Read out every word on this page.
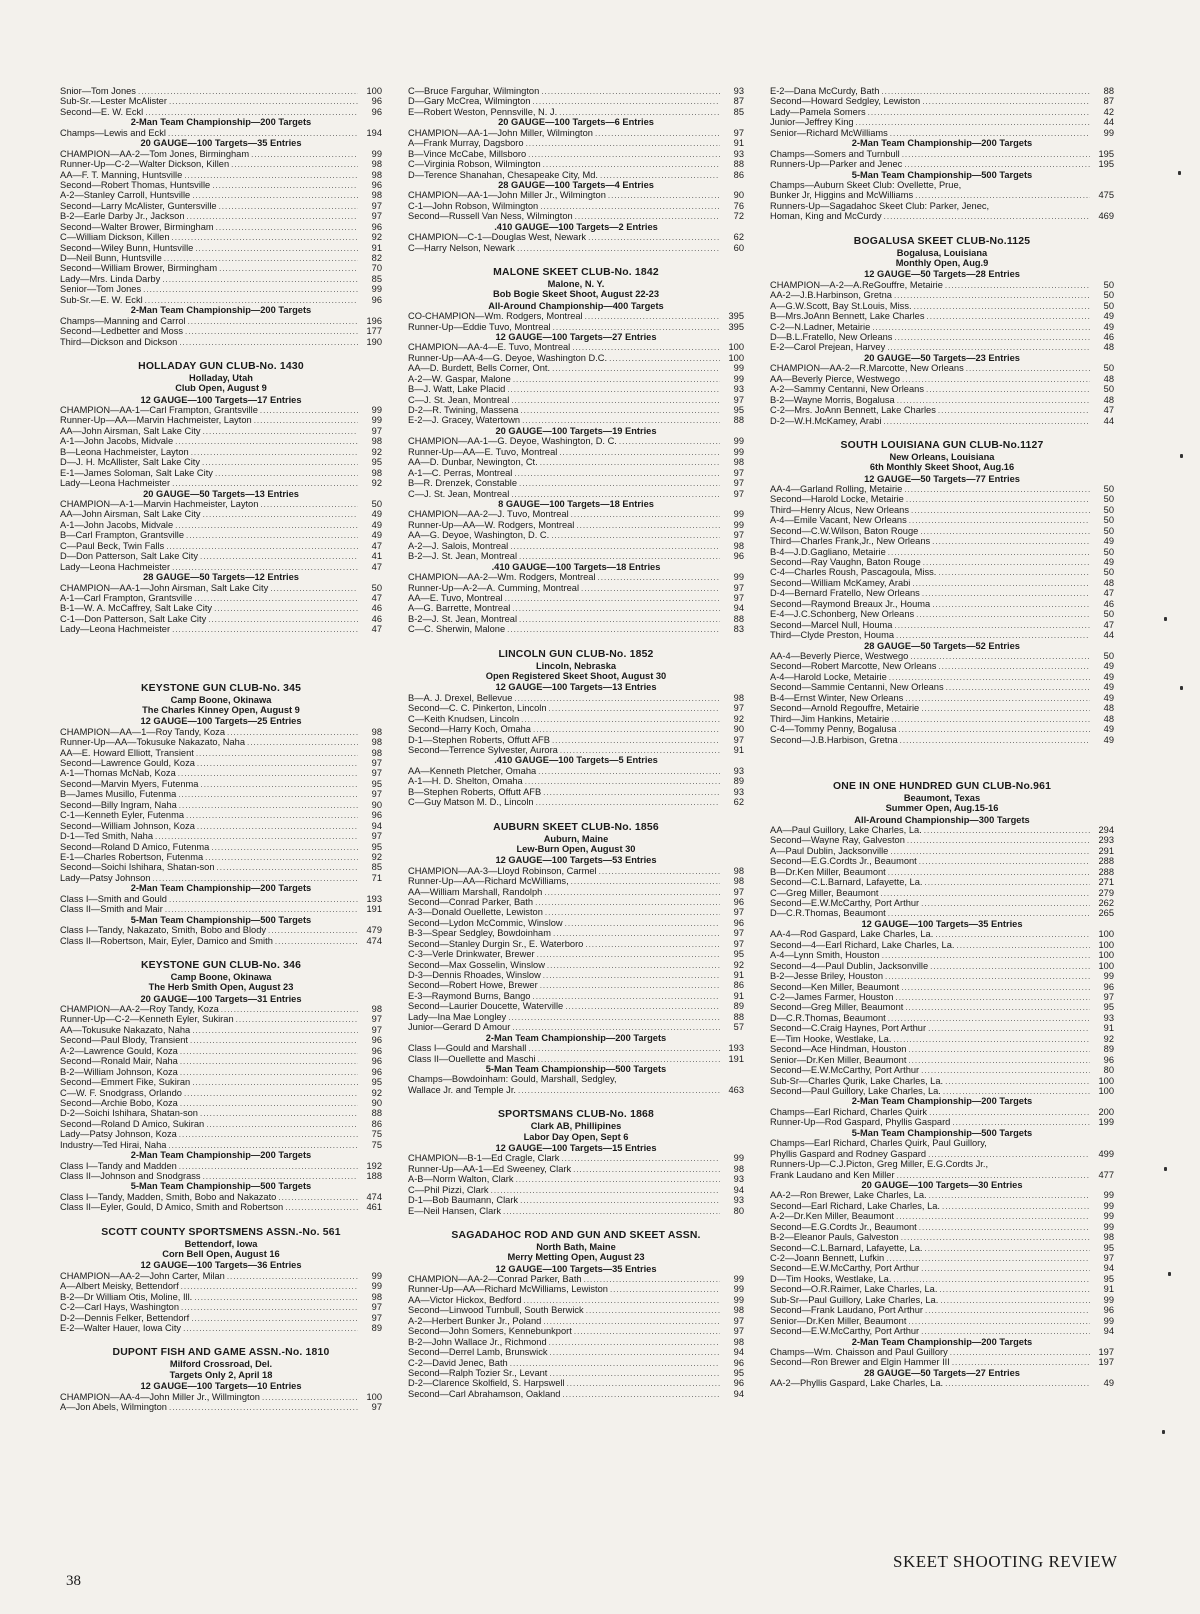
Snior—Tom Jones .....	100
Sub-Sr.—Lester McAlister .....	96
Second—E. W. Eckl .....	96
2-Man Team Championship—200 Targets
Champs—Lewis and Eckl .....	194
20 GAUGE—100 Targets—35 Entries
CHAMPION—AA-2—Tom Jones, Birmingham .....	99
Runner-Up—C-2—Walter Dickson, Killen .....	98
AA—F. T. Manning, Huntsville .....	98
Second—Robert Thomas, Huntsville .....	96
A-2—Stanley Carroll, Huntsville .....	98
Second—Larry McAlister, Guntersville .....	97
B-2—Earle Darby Jr., Jackson .....	97
Second—Walter Brower, Birmingham .....	96
C—William Dickson, Killen .....	92
Second—Wiley Bunn, Huntsville .....	91
D—Neil Bunn, Huntsville .....	82
Second—William Brower, Birmingham .....	70
Lady—Mrs. Linda Darby .....	85
Senior—Tom Jones .....	99
Sub-Sr.—E. W. Eckl .....	96
2-Man Team Championship—200 Targets
Champs—Manning and Carrol .....	196
Second—Ledbetter and Moss .....	177
Third—Dickson and Dickson .....	190
HOLLADAY GUN CLUB-No. 1430
Holladay, Utah
Club Open, August 9
12 GAUGE—100 Targets—17 Entries
CHAMPION—AA-1—Carl Frampton, Grantsville .....	99
Runner-Up—AA—Marvin Hachmeister, Layton .....	99
AA—John Airsman, Salt Lake City .....	97
A-1—John Jacobs, Midvale .....	98
B—Leona Hachmeister, Layton .....	92
D—J. H. McAllister, Salt Lake City .....	95
E-1—James Soloman, Salt Lake City .....	98
Lady—Leona Hachmeister .....	92
20 GAUGE—50 Targets—13 Entries
CHAMPION—A-1—Marvin Hachmeister, Layton .....	50
AA—John Airsman, Salt Lake City .....	49
A-1—John Jacobs, Midvale .....	49
B—Carl Frampton, Grantsville .....	49
C—Paul Beck, Twin Falls .....	47
D—Don Patterson, Salt Lake City .....	41
Lady—Leona Hachmeister .....	47
28 GAUGE—50 Targets—12 Entries
CHAMPION—AA-1—John Airsman, Salt Lake City .....	50
A-1—Carl Frampton, Grantsville .....	47
B-1—W. A. McCaffrey, Salt Lake City .....	46
C-1—Don Patterson, Salt Lake City .....	46
Lady—Leona Hachmeister .....	47
KEYSTONE GUN CLUB-No. 345
Camp Boone, Okinawa
The Charles Kinney Open, August 9
12 GAUGE—100 Targets—25 Entries
CHAMPION—AA—1—Roy Tandy, Koza .....	98
Runner-Up—AA—Tokusuke Nakazato, Naha .....	98
AA—E. Howard Elliott, Transient .....	98
Second—Lawrence Gould, Koza .....	97
A-1—Thomas McNab, Koza .....	97
Second—Marvin Myers, Futenma .....	95
B—James Musillo, Futenma .....	97
Second—Billy Ingram, Naha .....	90
C-1—Kenneth Eyler, Futenma .....	96
Second—William Johnson, Koza .....	94
D-1—Ted Smith, Naha .....	97
Second—Roland D Amico, Futenma .....	95
E-1—Charles Robertson, Futenma .....	92
Second—Soichi Ishihara, Shatan-son .....	85
Lady—Patsy Johnson .....	71
2-Man Team Championship—200 Targets
Class I—Smith and Gould .....	193
Class II—Smith and Mair .....	191
5-Man Team Championship—500 Targets
Class I—Tandy, Nakazato, Smith, Bobo and Blody .....	479
Class II—Robertson, Mair, Eyler, Damico and Smith .....	474
KEYSTONE GUN CLUB-No. 346
Camp Boone, Okinawa
The Herb Smith Open, August 23
20 GAUGE—100 Targets—31 Entries
CHAMPION—AA-2—Roy Tandy, Koza .....	98
Runner-Up—C-2—Kenneth Eyler, Sukiran .....	97
AA—Tokusuke Nakazato, Naha .....	97
Second—Paul Blody, Transient .....	96
A-2—Lawrence Gould, Koza .....	96
Second—Ronald Mair, Naha .....	96
B-2—William Johnson, Koza .....	96
Second—Emmert Fike, Sukiran .....	95
C—W. F. Snodgrass, Orlando .....	92
Second—Archie Bobo, Koza .....	90
D-2—Soichi Ishihara, Shatan-son .....	88
Second—Roland D Amico, Sukiran .....	86
Lady—Patsy Johnson, Koza .....	75
Industry—Ted Hirai, Naha .....	75
2-Man Team Championship—200 Targets
Class I—Tandy and Madden .....	192
Class II—Johnson and Snodgrass .....	188
5-Man Team Championship—500 Targets
Class I—Tandy, Madden, Smith, Bobo and Nakazato .....	474
Class II—Eyler, Gould, D Amico, Smith and Robertson .....	461
SCOTT COUNTY SPORTSMENS ASSN.-No. 561
Bettendorf, Iowa
Corn Bell Open, August 16
12 GAUGE—100 Targets—36 Entries
CHAMPION—AA-2—John Carter, Milan .....	99
A—Albert Meisky, Bettendorf .....	99
B-2—Dr William Otis, Moline, Ill. .....	98
C-2—Carl Hays, Washington .....	97
D-2—Dennis Felker, Bettendorf .....	97
E-2—Walter Hauer, Iowa City .....	89
DUPONT FISH AND GAME ASSN.-No. 1810
Milford Crossroad, Del.
Targets Only 2, April 18
12 GAUGE—100 Targets—10 Entries
CHAMPION—AA-4—John Miller Jr., Willmington .....	100
A—Jon Abels, Wilmington .....	97
C—Bruce Farguhar, Wilmington .....	93
D—Gary McCrea, Wilmington .....	87
E—Robert Weston, Pennsville, N. J. .....	85
20 GAUGE—100 Targets—6 Entries
CHAMPION—AA-1—John Miller, Wilmington .....	97
A—Frank Murray, Dagsboro .....	91
B—Vince McCabe, Millsboro .....	93
C—Virginia Robson, Wilmington .....	88
D—Terence Shanahan, Chesapeake City, Md. .....	86
28 GAUGE—100 Targets—4 Entries
CHAMPION—AA-1—John Miller Jr., Wilmington .....	90
C-1—John Robson, Wilmington .....	76
Second—Russell Van Ness, Wilmington .....	72
.410 GAUGE—100 Targets—2 Entries
CHAMPION—C-1—Douglas West, Newark .....	62
C—Harry Nelson, Newark .....	60
MALONE SKEET CLUB-No. 1842
Malone, N. Y.
Bob Bogie Skeet Shoot, August 22-23
All-Around Championship—400 Targets
CO-CHAMPION—Wm. Rodgers, Montreal .....	395
Runner-Up—Eddie Tuvo, Montreal .....	395
12 GAUGE—100 Targets—27 Entries
CHAMPION—AA-4—E. Tuvo, Montreal .....	100
Runner-Up—AA-4—G. Deyoe, Washington D.C. .....	100
AA—D. Burdett, Bells Corner, Ont. .....	99
A-2—W. Gaspar, Malone .....	99
B—J. Watt, Lake Placid .....	93
C—J. St. Jean, Montreal .....	97
D-2—R. Twining, Massena .....	95
E-2—J. Gracey, Watertown .....	88
20 GAUGE—100 Targets—19 Entries
CHAMPION—AA-1—G. Deyoe, Washington, D. C. .....	99
Runner-Up—AA—E. Tuvo, Montreal .....	99
AA—D. Dunbar, Newington, Ct. .....	98
A-1—C. Perras, Montreal .....	97
B—R. Drenzek, Constable .....	97
C—J. St. Jean, Montreal .....	97
8 GAUGE—100 Targets—18 Entries
CHAMPION—AA-2—J. Tuvo, Montreal .....	99
Runner-Up—AA—W. Rodgers, Montreal .....	99
AA—G. Deyoe, Washington, D. C. .....	97
A-2—J. Salois, Montreal .....	98
B-2—J. St. Jean, Montreal .....	96
.410 GAUGE—100 Targets—18 Entries
CHAMPION—AA-2—Wm. Rodgers, Montreal .....	99
Runner-Up—A-2—A. Cumming, Montreal .....	97
AA—E. Tuvo, Montreal .....	97
A—G. Barrette, Montreal .....	94
B-2—J. St. Jean, Montreal .....	88
C—C. Sherwin, Malone .....	83
LINCOLN GUN CLUB-No. 1852
Lincoln, Nebraska
Open Registered Skeet Shoot, August 30
12 GAUGE—100 Targets—13 Entries
B—A. J. Drexel, Bellevue .....	98
Second—C. C. Pinkerton, Lincoln .....	97
C—Keith Knudsen, Lincoln .....	92
Second—Harry Koch, Omaha .....	90
D-1—Stephen Roberts, Offutt AFB .....	97
Second—Terrence Sylvester, Aurora .....	91
.410 GAUGE—100 Targets—5 Entries
AA—Kenneth Pletcher, Omaha .....	93
A-1—H. D. Shelton, Omaha .....	89
B—Stephen Roberts, Offutt AFB .....	93
C—Guy Matson M. D., Lincoln .....	62
AUBURN SKEET CLUB-No. 1856
Auburn, Maine
Lew-Burn Open, August 30
12 GAUGE—100 Targets—53 Entries
CHAMPION—AA-3—Lloyd Robinson, Carmel .....	98
Runner-Up—AA—Richard McWilliams, .....	98
AA—William Marshall, Randolph .....	97
Second—Conrad Parker, Bath .....	96
A-3—Donald Ouellette, Lewiston .....	97
Second—Lydon McCommic, Winslow .....	96
B-3—Spear Sedgley, Bowdoinham .....	97
Second—Stanley Durgin Sr., E. Waterboro .....	97
C-3—Verle Drinkwater, Brewer .....	95
Second—Max Gosselin, Winslow .....	92
D-3—Dennis Rhoades, Winslow .....	91
Second—Robert Howe, Brewer .....	86
E-3—Raymond Burns, Bango .....	91
Second—Laurier Doucette, Waterville .....	89
Lady—Ina Mae Longley .....	88
Junior—Gerard D Amour .....	57
2-Man Team Championship—200 Targets
Class I—Gould and Marshall .....	193
Class II—Ouellette and Maschi .....	191
5-Man Team Championship—500 Targets
Champs—Bowdoinham: Gould, Marshall, Sedgley,
Wallace Jr. and Temple Jr. .....	463
SPORTSMANS CLUB-No. 1868
Clark AB, Phillipines
Labor Day Open, Sept 6
12 GAUGE—100 Targets—15 Entries
CHAMPION—B-1—Ed Cragle, Clark .....	99
Runner-Up—AA-1—Ed Sweeney, Clark .....	98
A-B—Norm Walton, Clark .....	93
C—Phil Pizzi, Clark .....	94
D-1—Bob Baumann, Clark .....	93
E—Neil Hansen, Clark .....	80
SAGADAHOC ROD AND GUN AND SKEET ASSN.
North Bath, Maine
Merry Metting Open, August 23
12 GAUGE—100 Targets—35 Entries
CHAMPION—AA-2—Conrad Parker, Bath .....	99
Runner-Up—AA—Richard McWilliams, Lewiston .....	99
AA—Victor Hickox, Bedford .....	99
Second—Linwood Turnbull, South Berwick .....	98
A-2—Herbert Bunker Jr., Poland .....	97
Second—John Somers, Kennebunkport .....	97
B-2—John Wallace Jr., Richmond .....	98
Second—Derrel Lamb, Brunswick .....	94
C-2—David Jenec, Bath .....	96
Second—Ralph Tozier Sr., Levant .....	95
D-2—Clarence Skolfield, S. Harpswell .....	96
Second—Carl Abrahamson, Oakland .....	94
E-2—Dana McCurdy, Bath .....	88
Second—Howard Sedgley, Lewiston .....	87
Lady—Pamela Somers .....	42
Junior—Jeffrey King .....	44
Senior—Richard McWilliams .....	99
2-Man Team Championship—200 Targets
Champs—Somers and Turnbull .....	195
Runners-Up—Parker and Jenec .....	195
5-Man Team Championship—500 Targets
Champs—Auburn Skeet Club: Ovellette, Prue,
Bunker Jr, Higgins and McWilliams .....	475
Runners-Up—Sagadahoc Skeet Club: Parker, Jenec,
Homan, King and McCurdy .....	469
BOGALUSA SKEET CLUB-No.1125
Bogalusa, Louisiana
Monthly Open, Aug.9
12 GAUGE—50 Targets—28 Entries
CHAMPION—A-2—A.ReGouffre, Metairie .....	50
AA-2—J.B.Harbinson, Gretna .....	50
A—G.W.Scott, Bay St.Louis, Miss. .....	50
B—Mrs.JoAnn Bennett, Lake Charles .....	49
C-2—N.Ladner, Metairie .....	49
D—B.L.Fratello, New Orleans .....	46
E-2—Carol Prejean, Harvey .....	48
20 GAUGE—50 Targets—23 Entries
CHAMPION—AA-2—R.Marcotte, New Orleans .....	50
AA—Beverly Pierce, Westwego .....	48
A-2—Sammy Centanni, New Orleans .....	50
B-2—Wayne Morris, Bogalusa .....	48
C-2—Mrs. JoAnn Bennett, Lake Charles .....	47
D-2—W.H.McKamey, Arabi .....	44
SOUTH LOUISIANA GUN CLUB-No.1127
New Orleans, Louisiana
6th Monthly Skeet Shoot, Aug.16
12 GAUGE—50 Targets—77 Entries
AA-4—Garland Rolling, Metairie .....	50
Second—Harold Locke, Metairie .....	50
Third—Henry Alcus, New Orleans .....	50
A-4—Emile Vacant, New Orleans .....	50
Second—C.W.Wilson, Baton Rouge .....	50
Third—Charles Frank,Jr., New Orleans .....	49
B-4—J.D.Gagliano, Metairie .....	50
Second—Ray Vaughn, Baton Rouge .....	49
C-4—Charles Roush, Pascagoula, Miss. .....	50
Second—William McKamey, Arabi .....	48
D-4—Bernard Fratello, New Orleans .....	47
Second—Raymond Breaux Jr., Houma .....	46
E-4—J.C.Schonberg, New Orleans .....	50
Second—Marcel Null, Houma .....	47
Third—Clyde Preston, Houma .....	44
28 GAUGE—50 Targets—52 Entries
AA-4—Beverly Pierce, Westwego .....	50
Second—Robert Marcotte, New Orleans .....	49
A-4—Harold Locke, Metairie .....	49
Second—Sammie Centanni, New Orleans .....	49
B-4—Ernst Winter, New Orleans .....	49
Second—Arnold Regouffre, Metairie .....	48
Third—Jim Hankins, Metairie .....	48
C-4—Tommy Penny, Bogalusa .....	49
Second—J.B.Harbison, Gretna .....	49
ONE IN ONE HUNDRED GUN CLUB-No.961
Beaumont, Texas
Summer Open, Aug.15-16
All-Around Championship—300 Targets
AA—Paul Guillory, Lake Charles, La. .....	294
Second—Wayne Ray, Galveston .....	293
A—Paul Dublin, Jacksonville .....	291
Second—E.G.Cordts Jr., Beaumont .....	288
B—Dr.Ken Miller, Beaumont .....	288
Second—C.L.Barnard, Lafayette, La. .....	271
C—Greg Miller, Beaumont .....	279
Second—E.W.McCarthy, Port Arthur .....	262
D—C.R.Thomas, Beaumont .....	265
12 GAUGE—100 Targets—35 Entries
AA-4—Rod Gaspard, Lake Charles, La. .....	100
Second—4—Earl Richard, Lake Charles, La. .....	100
A-4—Lynn Smith, Houston .....	100
Second—4—Paul Dublin, Jacksonville .....	100
B-2—Jesse Briley, Houston .....	99
Second—Ken Miller, Beaumont .....	96
C-2—James Farmer, Houston .....	97
Second—Greg Miller, Beaumont .....	95
D—C.R.Thomas, Beaumont .....	93
Second—C.Craig Haynes, Port Arthur .....	91
E—Tim Hooke, Westlake, La. .....	92
Second—Ace Hindman, Houston .....	89
Senior—Dr.Ken Miller, Beaumont .....	96
Second—E.W.McCarthy, Port Arthur .....	80
Sub-Sr—Charles Qurik, Lake Charles, La. .....	100
Second—Paul Guillory, Lake Charles, La. .....	100
2-Man Team Championship—200 Targets
Champs—Earl Richard, Charles Quirk .....	200
Runner-Up—Rod Gaspard, Phyllis Gaspard .....	199
5-Man Team Championship—500 Targets
Champs—Earl Richard, Charles Quirk, Paul Guillory,
Phyllis Gaspard and Rodney Gaspard .....	499
Runners-Up—C.J.Picton, Greg Miller, E.G.Cordts Jr.,
Frank Laudano and Ken Miller .....	477
20 GAUGE—100 Targets—30 Entries
AA-2—Ron Brewer, Lake Charles, La. .....	99
Second—Earl Richard, Lake Charles, La. .....	99
A-2—Dr.Ken Miller, Beaumont .....	99
Second—E.G.Cordts Jr., Beaumont .....	99
B-2—Eleanor Pauls, Galveston .....	98
Second—C.L.Barnard, Lafayette, La. .....	95
C-2—Joann Bennett, Lufkin .....	97
Second—E.W.McCarthy, Port Arthur .....	94
D—Tim Hooks, Westlake, La. .....	95
Second—O.R.Raimer, Lake Charles, La. .....	91
Sub-Sr—Paul Guillory, Lake Charles, La. .....	99
Second—Frank Laudano, Port Arthur .....	96
Senior—Dr.Ken Miller, Beaumont .....	99
Second—E.W.McCarthy, Port Arthur .....	94
2-Man Team Championship—200 Targets
Champs—Wm. Chaisson and Paul Guillory .....	197
Second—Ron Brewer and Elgin Hammer III .....	197
28 GAUGE—50 Targets—27 Entries
AA-2—Phyllis Gaspard, Lake Charles, La. .....	49
38
SKEET SHOOTING REVIEW
